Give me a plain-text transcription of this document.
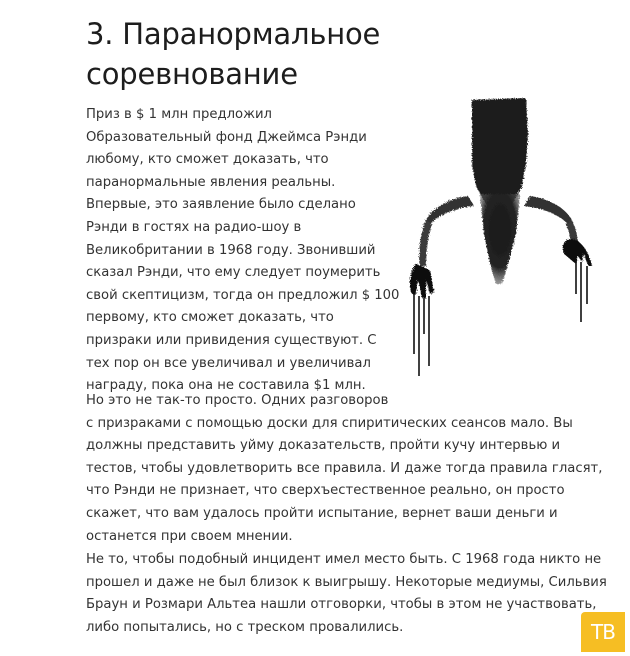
3. Паранормальное
соревнование
Приз в $ 1 млн предложил
Образовательный фонд Джеймса Рэнди
любому, кто сможет доказать, что
паранормальные явления реальны.
Впервые, это заявление было сделано
Рэнди в гостях на радио-шоу в
Великобритании в 1968 году. Звонивший
сказал Рэнди, что ему следует поумерить
свой скептицизм, тогда он предложил $ 100
первому, кто сможет доказать, что
призраки или привидения существуют. С
тех пор он все увеличивал и увеличивал
награду, пока она не составила $1 млн.
Но это не так-то просто. Одних разговоров
с призраками с помощью доски для спиритических сеансов мало. Вы
должны представить уйму доказательств, пройти кучу интервью и
тестов, чтобы удовлетворить все правила. И даже тогда правила гласят,
что Рэнди не признает, что сверхъестественное реально, он просто
скажет, что вам удалось пройти испытание, вернет ваши деньги и
останется при своем мнении.
Не то, чтобы подобный инцидент имел место быть. С 1968 года никто не
прошел и даже не был близок к выигрышу. Некоторые медиумы, Сильвия
Браун и Розмари Альтеа нашли отговорки, чтобы в этом не участвовать,
либо попытались, но с треском провалились.	ТВ
